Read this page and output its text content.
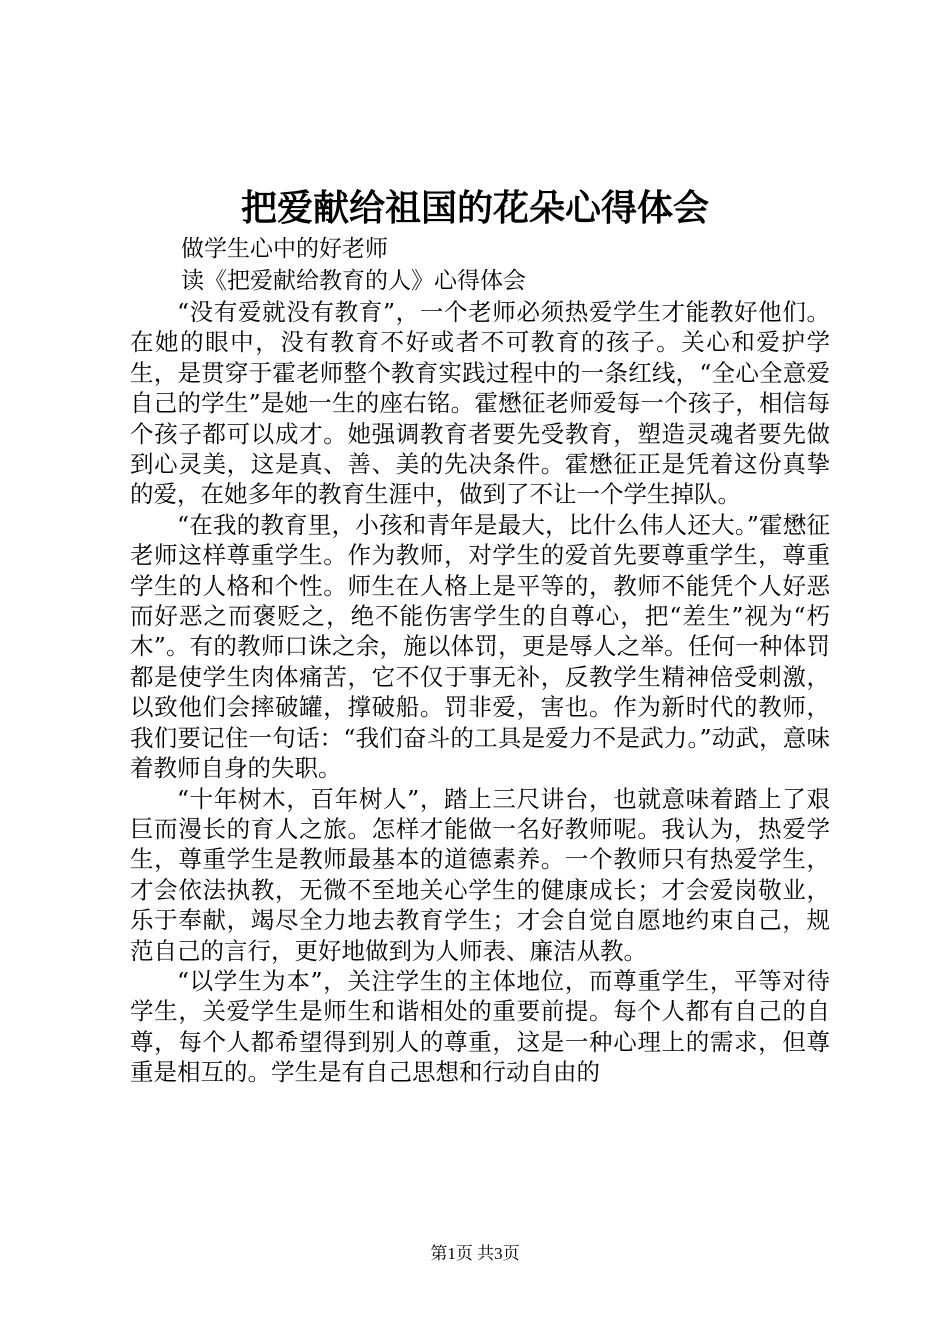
把爱献给祖国的花朵心得体会

做学生心中的好老师

读《把爱献给教育的人》心得体会

“没有爱就没有教育”，一个老师必须热爱学生才能教好他们。在她的眼中，没有教育不好或者不可教育的孩子。关心和爱护学生，是贯穿于霍老师整个教育实践过程中的一条红线，“全心全意爱自己的学生”是她一生的座右铭。霍懋征老师爱每一个孩子，相信每个孩子都可以成才。她强调教育者要先受教育，塑造灵魂者要先做到心灵美，这是真、善、美的先决条件。霍懋征正是凭着这份真挚的爱，在她多年的教育生涯中，做到了不让一个学生掉队。

“在我的教育里，小孩和青年是最大，比什么伟人还大。”霍懋征老师这样尊重学生。作为教师，对学生的爱首先要尊重学生，尊重学生的人格和个性。师生在人格上是平等的，教师不能凭个人好恶而好恶之而褒贬之，绝不能伤害学生的自尊心，把“差生”视为“朽木”。有的教师口诛之余，施以体罚，更是辱人之举。任何一种体罚都是使学生肉体痛苦，它不仅于事无补，反教学生精神倍受刺激，以致他们会摔破罐，撑破船。罚非爱，害也。作为新时代的教师，我们要记住一句话：“我们奋斗的工具是爱力不是武力。”动武，意味着教师自身的失职。

“十年树木，百年树人”，踏上三尺讲台，也就意味着踏上了艰巨而漫长的育人之旅。怎样才能做一名好教师呢。我认为，热爱学生，尊重学生是教师最基本的道德素养。一个教师只有热爱学生，才会依法执教，无微不至地关心学生的健康成长；才会爱岗敬业，乐于奉献，竭尽全力地去教育学生；才会自觉自愿地约束自己，规范自己的言行，更好地做到为人师表、廉洁从教。

“以学生为本”，关注学生的主体地位，而尊重学生，平等对待学生，关爱学生是师生和谐相处的重要前提。每个人都有自己的自尊，每个人都希望得到别人的尊重，这是一种心理上的需求，但尊重是相互的。学生是有自己思想和行动自由的

第1页 共3页
